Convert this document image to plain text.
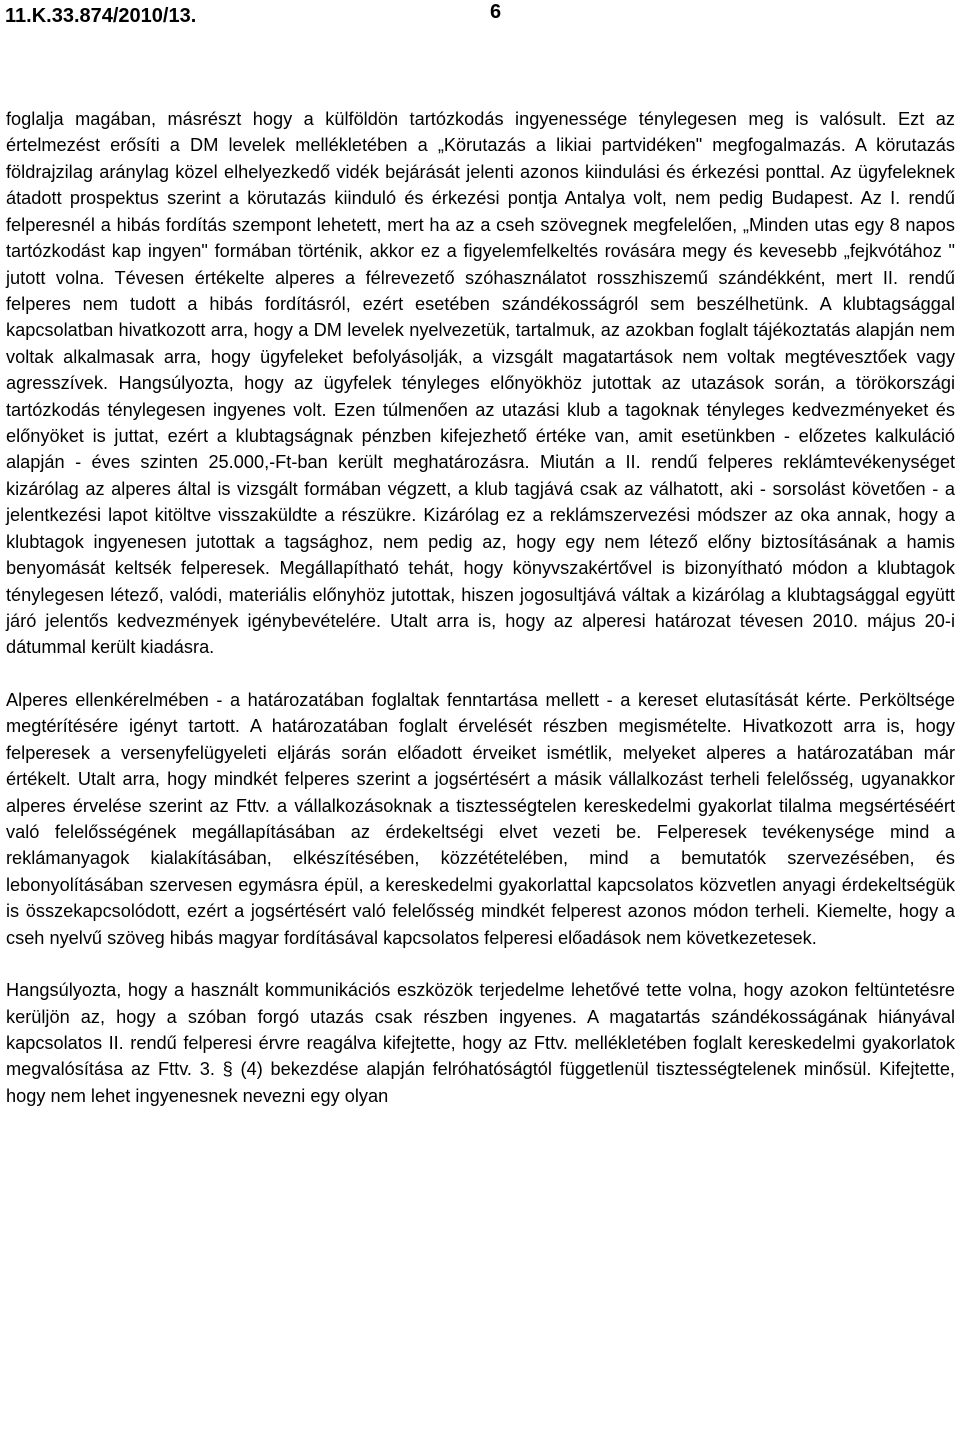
11.K.33.874/2010/13.	6

foglalja magában, másrészt hogy a külföldön tartózkodás ingyenessége ténylegesen meg is valósult. Ezt az értelmezést erősíti a DM levelek mellékletében a „Körutazás a likiai partvidéken" megfogalmazás. A körutazás földrajzilag aránylag közel elhelyezkedő vidék bejárását jelenti azonos kiindulási és érkezési ponttal. Az ügyfeleknek átadott prospektus szerint a körutazás kiinduló és érkezési pontja Antalya volt, nem pedig Budapest. Az I. rendű felperesnél a hibás fordítás szempont lehetett, mert ha az a cseh szövegnek megfelelően, „Minden utas egy 8 napos tartózkodást kap ingyen" formában történik, akkor ez a figyelemfelkeltés rovására megy és kevesebb „fejkvótához " jutott volna. Tévesen értékelte alperes a félrevezető szóhasználatot rosszhiszemű szándékként, mert II. rendű felperes nem tudott a hibás fordításról, ezért esetében szándékosságról sem beszélhetünk. A klubtagsággal kapcsolatban hivatkozott arra, hogy a DM levelek nyelvezetük, tartalmuk, az azokban foglalt tájékoztatás alapján nem voltak alkalmasak arra, hogy ügyfeleket befolyásolják, a vizsgált magatartások nem voltak megtévesztőek vagy agresszívek. Hangsúlyozta, hogy az ügyfelek tényleges előnyökhöz jutottak az utazások során, a törökországi tartózkodás ténylegesen ingyenes volt. Ezen túlmenően az utazási klub a tagoknak tényleges kedvezményeket és előnyöket is juttat, ezért a klubtagságnak pénzben kifejezhető értéke van, amit esetünkben - előzetes kalkuláció alapján - éves szinten 25.000,-Ft-ban került meghatározásra. Miután a II. rendű felperes reklámtevékenységet kizárólag az alperes által is vizsgált formában végzett, a klub tagjává csak az válhatott, aki - sorsolást követően - a jelentkezési lapot kitöltve visszaküldte a részükre. Kizárólag ez a reklámszervezési módszer az oka annak, hogy a klubtagok ingyenesen jutottak a tagsághoz, nem pedig az, hogy egy nem létező előny biztosításának a hamis benyomását keltsék felperesek. Megállapítható tehát, hogy könyvszakértővel is bizonyítható módon a klubtagok ténylegesen létező, valódi, materiális előnyhöz jutottak, hiszen jogosultjává váltak a kizárólag a klubtagsággal együtt járó jelentős kedvezmények igénybevételére. Utalt arra is, hogy az alperesi határozat tévesen 2010. május 20-i dátummal került kiadásra.

Alperes ellenkérelmében - a határozatában foglaltak fenntartása mellett - a kereset elutasítását kérte. Perköltsége megtérítésére igényt tartott. A határozatában foglalt érvelését részben megismételte. Hivatkozott arra is, hogy felperesek a versenyfelügyeleti eljárás során előadott érveiket ismétlik, melyeket alperes a határozatában már értékelt. Utalt arra, hogy mindkét felperes szerint a jogsértésért a másik vállalkozást terheli felelősség, ugyanakkor alperes érvelése szerint az Fttv. a vállalkozásoknak a tisztességtelen kereskedelmi gyakorlat tilalma megsértéséért való felelősségének megállapításában az érdekeltségi elvet vezeti be. Felperesek tevékenysége mind a reklámanyagok kialakításában, elkészítésében, közzétételében, mind a bemutatók szervezésében, és lebonyolításában szervesen egymásra épül, a kereskedelmi gyakorlattal kapcsolatos közvetlen anyagi érdekeltségük is összekapcsolódott, ezért a jogsértésért való felelősség mindkét felperest azonos módon terheli. Kiemelte, hogy a cseh nyelvű szöveg hibás magyar fordításával kapcsolatos felperesi előadások nem következetesek.

Hangsúlyozta, hogy a használt kommunikációs eszközök terjedelme lehetővé tette volna, hogy azokon feltüntetésre kerüljön az, hogy a szóban forgó utazás csak részben ingyenes. A magatartás szándékosságának hiányával kapcsolatos II. rendű felperesi érvre reagálva kifejtette, hogy az Fttv. mellékletében foglalt kereskedelmi gyakorlatok megvalósítása az Fttv. 3. § (4) bekezdése alapján felróhatóságtól függetlenül tisztességtelenek minősül. Kifejtette, hogy nem lehet ingyenesnek nevezni egy olyan
